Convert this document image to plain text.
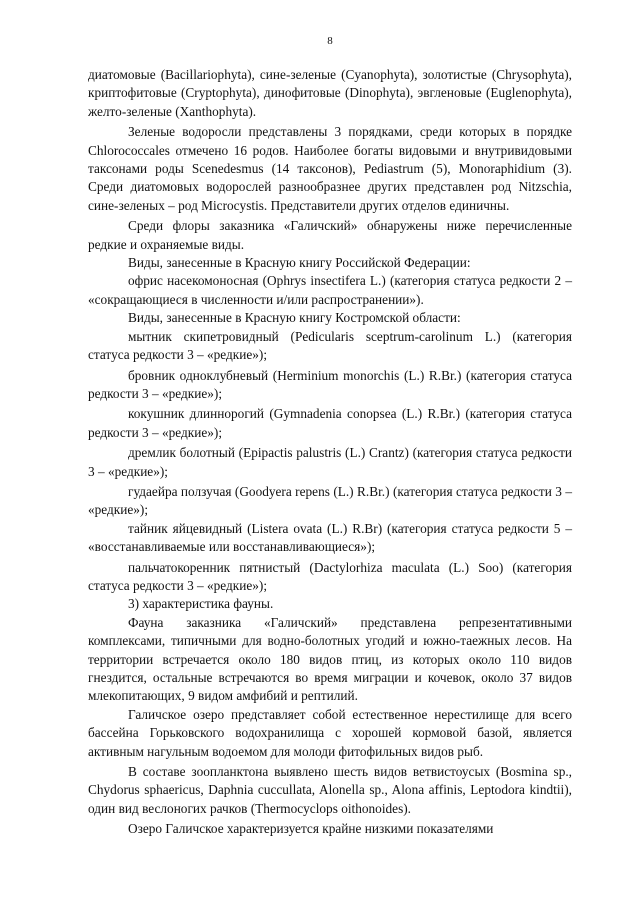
8

диатомовые (Bacillariophyta), сине-зеленые (Cyanophyta), золотистые (Chrysophyta), криптофитовые (Cryptophyta), динофитовые (Dinophyta), эвгленовые (Euglenophyta), желто-зеленые (Xanthophyta).

Зеленые водоросли представлены 3 порядками, среди которых в порядке Chlorococcales отмечено 16 родов. Наиболее богаты видовыми и внутривидовыми таксонами роды Scenedesmus (14 таксонов), Pediastrum (5), Monoraphidium (3). Среди диатомовых водорослей разнообразнее других представлен род Nitzschia, сине-зеленых – род Microcystis. Представители других отделов единичны.

Среди флоры заказника «Галичский» обнаружены ниже перечисленные редкие и охраняемые виды.

Виды, занесенные в Красную книгу Российской Федерации:

офрис насекомоносная (Ophrys insectifera L.) (категория статуса редкости 2 – «сокращающиеся в численности и/или распространении»).

Виды, занесенные в Красную книгу Костромской области:

мытник скипетровидный (Pedicularis sceptrum-carolinum L.) (категория статуса редкости 3 – «редкие»);

бровник одноклубневый (Herminium monorchis (L.) R.Br.) (категория статуса редкости 3 – «редкие»);

кокушник длиннорогий (Gymnadenia conopsea (L.) R.Br.) (категория статуса редкости 3 – «редкие»);

дремлик болотный (Epipactis palustris (L.) Crantz) (категория статуса редкости 3 – «редкие»);

гудаейра ползучая (Goodyera repens (L.) R.Br.) (категория статуса редкости 3 – «редкие»);

тайник яйцевидный (Listera ovata (L.) R.Br) (категория статуса редкости 5 – «восстанавливаемые или восстанавливающиеся»);

пальчатокоренник пятнистый (Dactylorhiza maculata (L.) Soo) (категория статуса редкости 3 – «редкие»);

3) характеристика фауны.

Фауна заказника «Галичский» представлена репрезентативными комплексами, типичными для водно-болотных угодий и южно-таежных лесов. На территории встречается около 180 видов птиц, из которых около 110 видов гнездится, остальные встречаются во время миграции и кочевок, около 37 видов млекопитающих, 9 видом амфибий и рептилий.

Галичское озеро представляет собой естественное нерестилище для всего бассейна Горьковского водохранилища с хорошей кормовой базой, является активным нагульным водоемом для молоди фитофильных видов рыб.

В составе зоопланктона выявлено шесть видов ветвистоусых (Bosmina sp., Chydorus sphaericus, Daphnia cuccullata, Alonella sp., Alona affinis, Leptodora kindtii), один вид веслоногих рачков (Thermocyclops oithonoides).

Озеро Галичское характеризуется крайне низкими показателями
